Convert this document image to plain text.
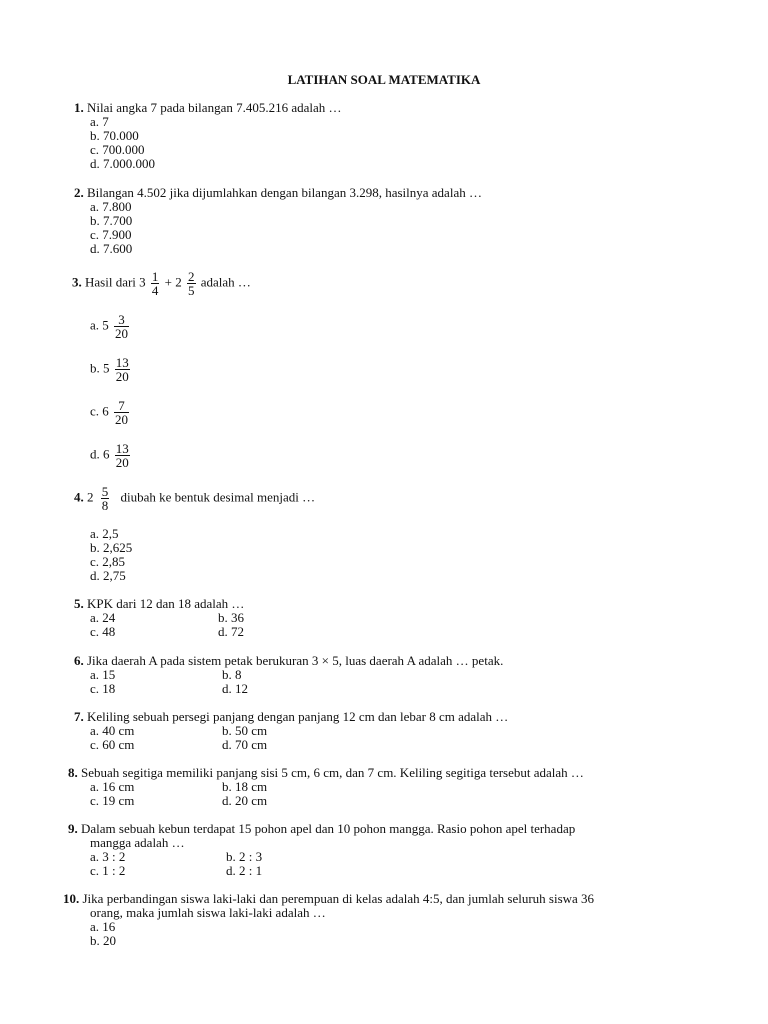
LATIHAN SOAL MATEMATIKA
1. Nilai angka 7 pada bilangan 7.405.216 adalah …
a. 7
b. 70.000
c. 700.000
d. 7.000.000
2. Bilangan 4.502 jika dijumlahkan dengan bilangan 3.298, hasilnya adalah …
a. 7.800
b. 7.700
c. 7.900
d. 7.600
3. Hasil dari $3 \frac{1}{4} + 2 \frac{2}{5}$ adalah …
a. $5 \frac{3}{20}$
b. $5 \frac{13}{20}$
c. $6 \frac{7}{20}$
d. $6 \frac{13}{20}$
4. $2 \frac{5}{8}$ diubah ke bentuk desimal menjadi …
a. 2,5
b. 2,625
c. 2,85
d. 2,75
5. KPK dari 12 dan 18 adalah …
a. 24	b. 36
c. 48	d. 72
6. Jika daerah A pada sistem petak berukuran 3 × 5, luas daerah A adalah … petak.
a. 15	b. 8
c. 18	d. 12
7. Keliling sebuah persegi panjang dengan panjang 12 cm dan lebar 8 cm adalah …
a. 40 cm	b. 50 cm
c. 60 cm	d. 70 cm
8. Sebuah segitiga memiliki panjang sisi 5 cm, 6 cm, dan 7 cm. Keliling segitiga tersebut adalah …
a. 16 cm	b. 18 cm
c. 19 cm	d. 20 cm
9. Dalam sebuah kebun terdapat 15 pohon apel dan 10 pohon mangga. Rasio pohon apel terhadap
mangga adalah …
a. 3 : 2	b. 2 : 3
c. 1 : 2	d. 2 : 1
10. Jika perbandingan siswa laki-laki dan perempuan di kelas adalah 4:5, dan jumlah seluruh siswa 36
orang, maka jumlah siswa laki-laki adalah …
a. 16
b. 20
